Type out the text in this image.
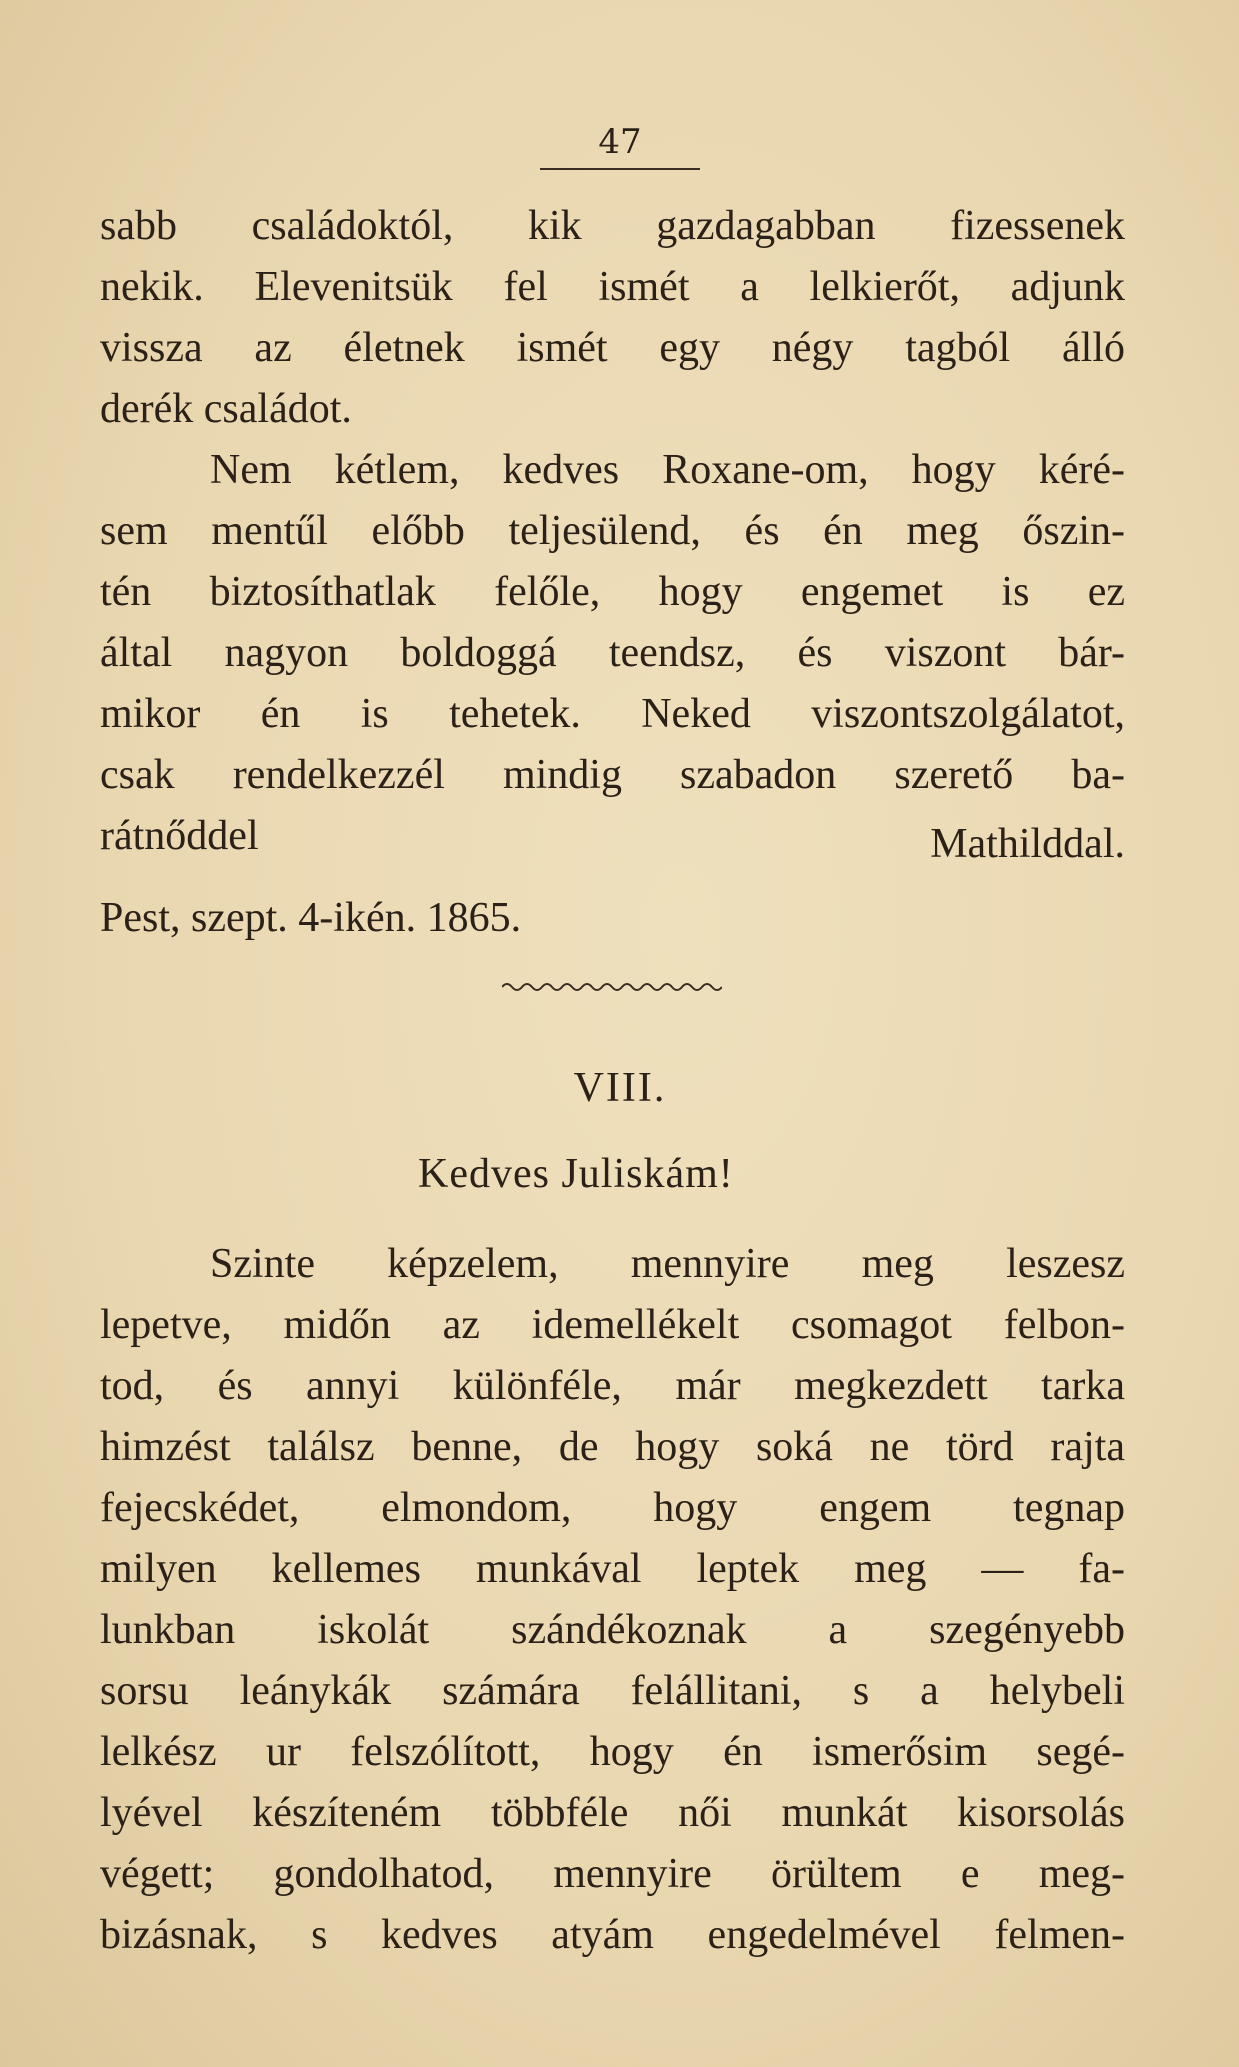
47
sabb családoktól, kik gazdagabban fizessenek
nekik. Elevenitsük fel ismét a lelkierőt, adjunk
vissza az életnek ismét egy négy tagból álló
derék családot.
Nem kétlem, kedves Roxane-om, hogy kéré-
sem mentűl előbb teljesülend, és én meg őszin-
tén biztosíthatlak felőle, hogy engemet is ez
által nagyon boldoggá teendsz, és viszont bár-
mikor én is tehetek. Neked viszontszolgálatot,
csak rendelkezzél mindig szabadon szerető ba-
rátnőddel	Mathilddal.
Pest, szept. 4-ikén. 1865.
VIII.
Kedves Juliskám!
Szinte képzelem, mennyire meg leszesz
lepetve, midőn az idemellékelt csomagot felbon-
tod, és annyi különféle, már megkezdett tarka
himzést találsz benne, de hogy soká ne törd rajta
fejecskédet, elmondom, hogy engem tegnap
milyen kellemes munkával leptek meg — fa-
lunkban iskolát szándékoznak a szegényebb
sorsu leánykák számára felállitani, s a helybeli
lelkész ur felszólított, hogy én ismerősim segé-
lyével készíteném többféle női munkát kisorsolás
végett; gondolhatod, mennyire örültem e meg-
bizásnak, s kedves atyám engedelmével felmen-
